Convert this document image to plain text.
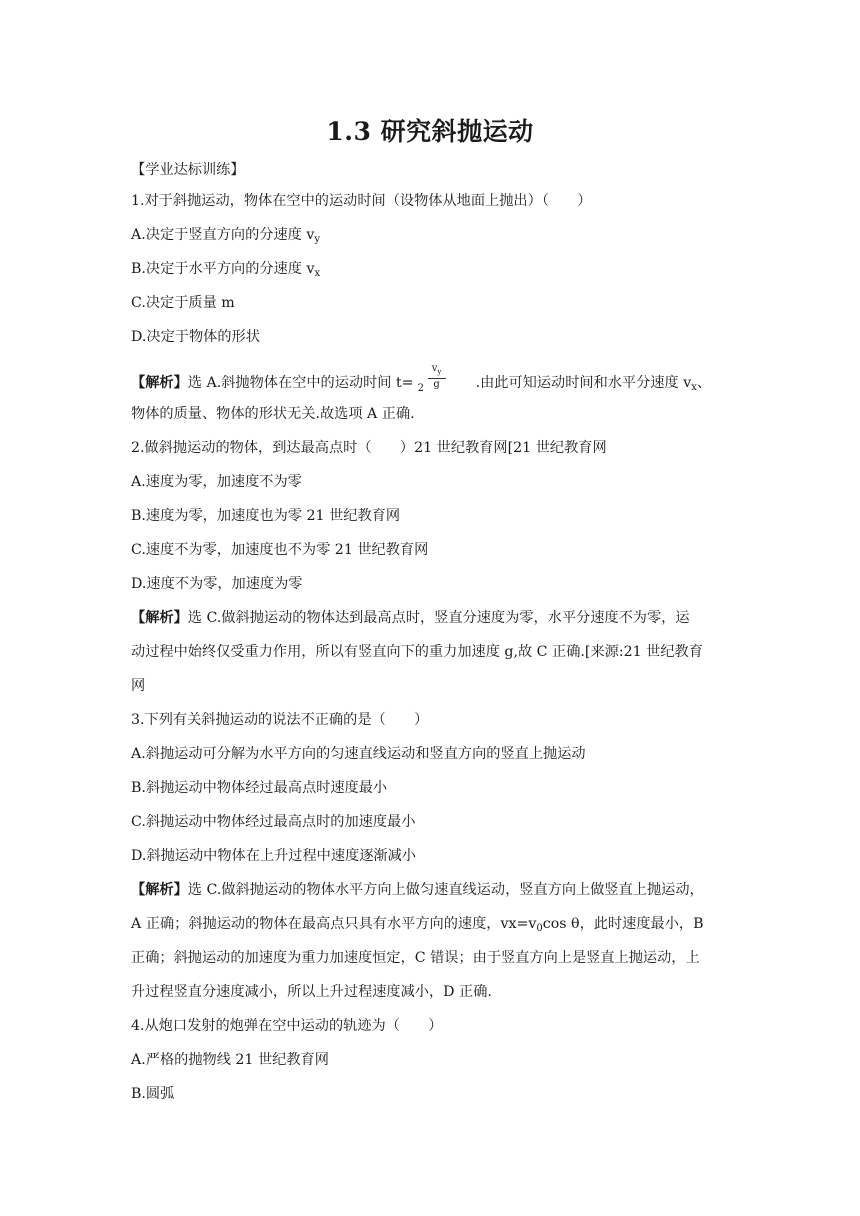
1.3 研究斜抛运动
【学业达标训练】
1.对于斜抛运动，物体在空中的运动时间（设物体从地面上抛出）（　　）
A.决定于竖直方向的分速度 $v_y$
B.决定于水平方向的分速度 $v_x$
C.决定于质量 m
D.决定于物体的形状
【解析】选 A.斜抛物体在空中的运动时间 $t= 2 \frac{v_y}{g}$ .由此可知运动时间和水平分速度 $v_x$、
物体的质量、物体的形状无关.故选项 A 正确.
2.做斜抛运动的物体，到达最高点时（　　）21 世纪教育网[21 世纪教育网
A.速度为零，加速度不为零
B.速度为零，加速度也为零 21 世纪教育网
C.速度不为零，加速度也不为零 21 世纪教育网
D.速度不为零，加速度为零
【解析】选 C.做斜抛运动的物体达到最高点时，竖直分速度为零，水平分速度不为零，运
动过程中始终仅受重力作用，所以有竖直向下的重力加速度 g,故 C 正确.[来源:21 世纪教育
网
3.下列有关斜抛运动的说法不正确的是（　　）
A.斜抛运动可分解为水平方向的匀速直线运动和竖直方向的竖直上抛运动
B.斜抛运动中物体经过最高点时速度最小
C.斜抛运动中物体经过最高点时的加速度最小
D.斜抛运动中物体在上升过程中速度逐渐减小
【解析】选 C.做斜抛运动的物体水平方向上做匀速直线运动，竖直方向上做竖直上抛运动，
A 正确；斜抛运动的物体在最高点只具有水平方向的速度，$vx=v_0\cos$ θ，此时速度最小，B
正确；斜抛运动的加速度为重力加速度恒定，C 错误；由于竖直方向上是竖直上抛运动，上
升过程竖直分速度减小，所以上升过程速度减小，D 正确.
4.从炮口发射的炮弹在空中运动的轨迹为（　　）
A.严格的抛物线 21 世纪教育网
B.圆弧
